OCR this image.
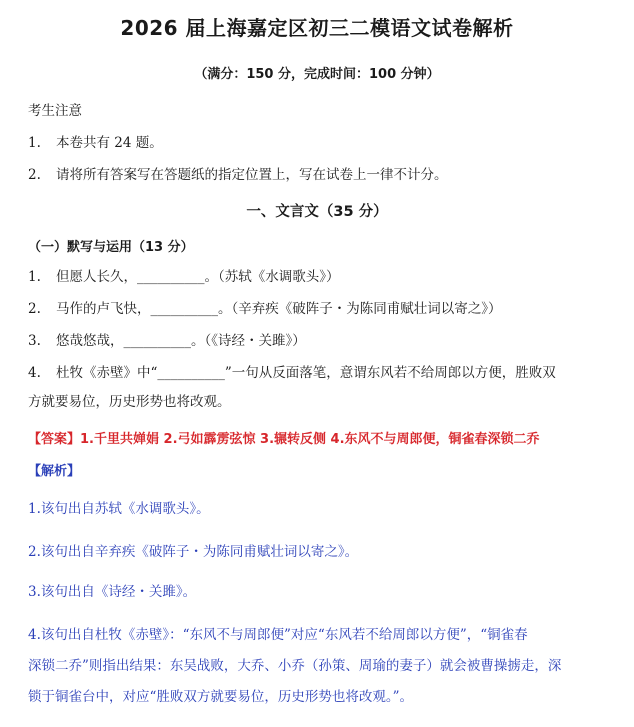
2026 届上海嘉定区初三二模语文试卷解析
（满分：150 分，完成时间：100 分钟）
考生注意
1. 本卷共有 24 题。
2. 请将所有答案写在答题纸的指定位置上，写在试卷上一律不计分。
一、文言文（35 分）
（一）默写与运用（13 分）
1. 但愿人长久，__________。（苏轼《水调歌头》）
2. 马作的卢飞快，__________。（辛弃疾《破阵子・为陈同甫赋壮词以寄之》）
3. 悠哉悠哉，__________。（《诗经・关雎》）
4. 杜牧《赤壁》中“__________”一句从反面落笔，意谓东风若不给周郎以方便，胜败双
方就要易位，历史形势也将改观。
【答案】1.千里共婵娟 2.弓如霹雳弦惊 3.辗转反侧 4.东风不与周郎便，铜雀春深锁二乔
【解析】
1.该句出自苏轼《水调歌头》。
2.该句出自辛弃疾《破阵子・为陈同甫赋壮词以寄之》。
3.该句出自《诗经・关雎》。
4.该句出自杜牧《赤壁》：“东风不与周郎便”对应“东风若不给周郎以方便”，“铜雀春
深锁二乔”则指出结果：东吴战败，大乔、小乔（孙策、周瑜的妻子）就会被曹操掳走，深
锁于铜雀台中，对应“胜败双方就要易位，历史形势也将改观。”。
